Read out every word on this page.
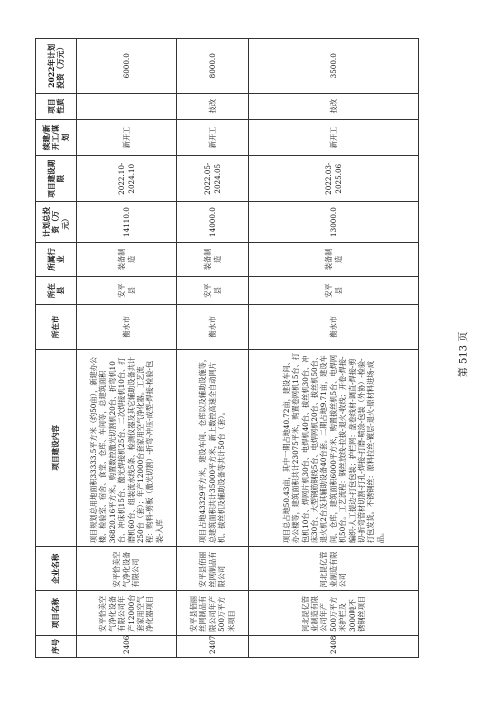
序号	项目名称	企业名称	项目建设内容	所在市	所在县	所属行业	计划总投资（万元）	项目建设期限	续建/新开工/谋划	项目性质	2022年计划投资（万元）
2406	安平恰美空气净化设备有限公司年产12000台套家用空气净化器项目	安平恰美空气净化设备有限公司	项目规划总用地面积33333.5平方米（约50亩），新建办公楼、检验室、宿舍、食堂、仓库、车间等，总建筑面积36820.16平方米。购置数控激光切割机20台、折弯机10台、冲床机15台、激光焊接机25台、二次焊接机10台、打磨机60台、组装流水线5条、检测仪器及其它辅助设备共计250台（套）；年产12000台套家用空气净化器。工艺流程：购料-剪板（激光切割）-折弯-冲压-成型-焊接-检验-包装-入库	衡水市	安平县	装备制造	14110.0	2022.10-2024.10	新开工		6000.0
2407	安平县佰丽丝网制品有限公司年产500万平方米项目	安平县佰丽丝网制品有限公司	项目占地43329平方米，建设车间、仓库以及辅助设施等，总建筑面积共计35000平方米，新上数控高速全自动网片机、拔丝机及辅助设备等共计50台（套）。	衡水市	安平县	装备制造	14000.0	2022.05-2024.05	新开工	技改	8000.0
2408	河北昆亿管业制造有限公司年产500万平方米护栏及3000吨不锈钢丝项目	河北昆亿管业制造有限公司	项目总占地50.43亩，其中一期占地40.72亩，建设车间、办公楼等，建筑面积共计23075平米，购置卷网机15台、打包机10台、焊网片机30台、电焊机40台、拔丝机30台、冲床30台、大型钢筋钢线5台、电焊网机20台、拔丝机50台、退火机2台及其辅助设备40台套。二期占地9.71亩，建设车间、仓库，建筑面积6000平方米，购置拔丝机5台、电焊网机50台。工艺流程：钢丝放线-拉拔-退火-收线；开卷-焊接-编织-人工提边-打包包装；护栏网：盘卷线材-调直-焊接-剪切-折弯管材切割-打孔-焊接-打磨-喷涂-包装（外协）-检验-打包发货。不锈钢丝：原料拉丝-镀层-退火-原材料进场-成品。	衡水市	安平县	装备制造	13000.0	2022.03-2025.06	新开工	技改	3500.0
第 513 页
